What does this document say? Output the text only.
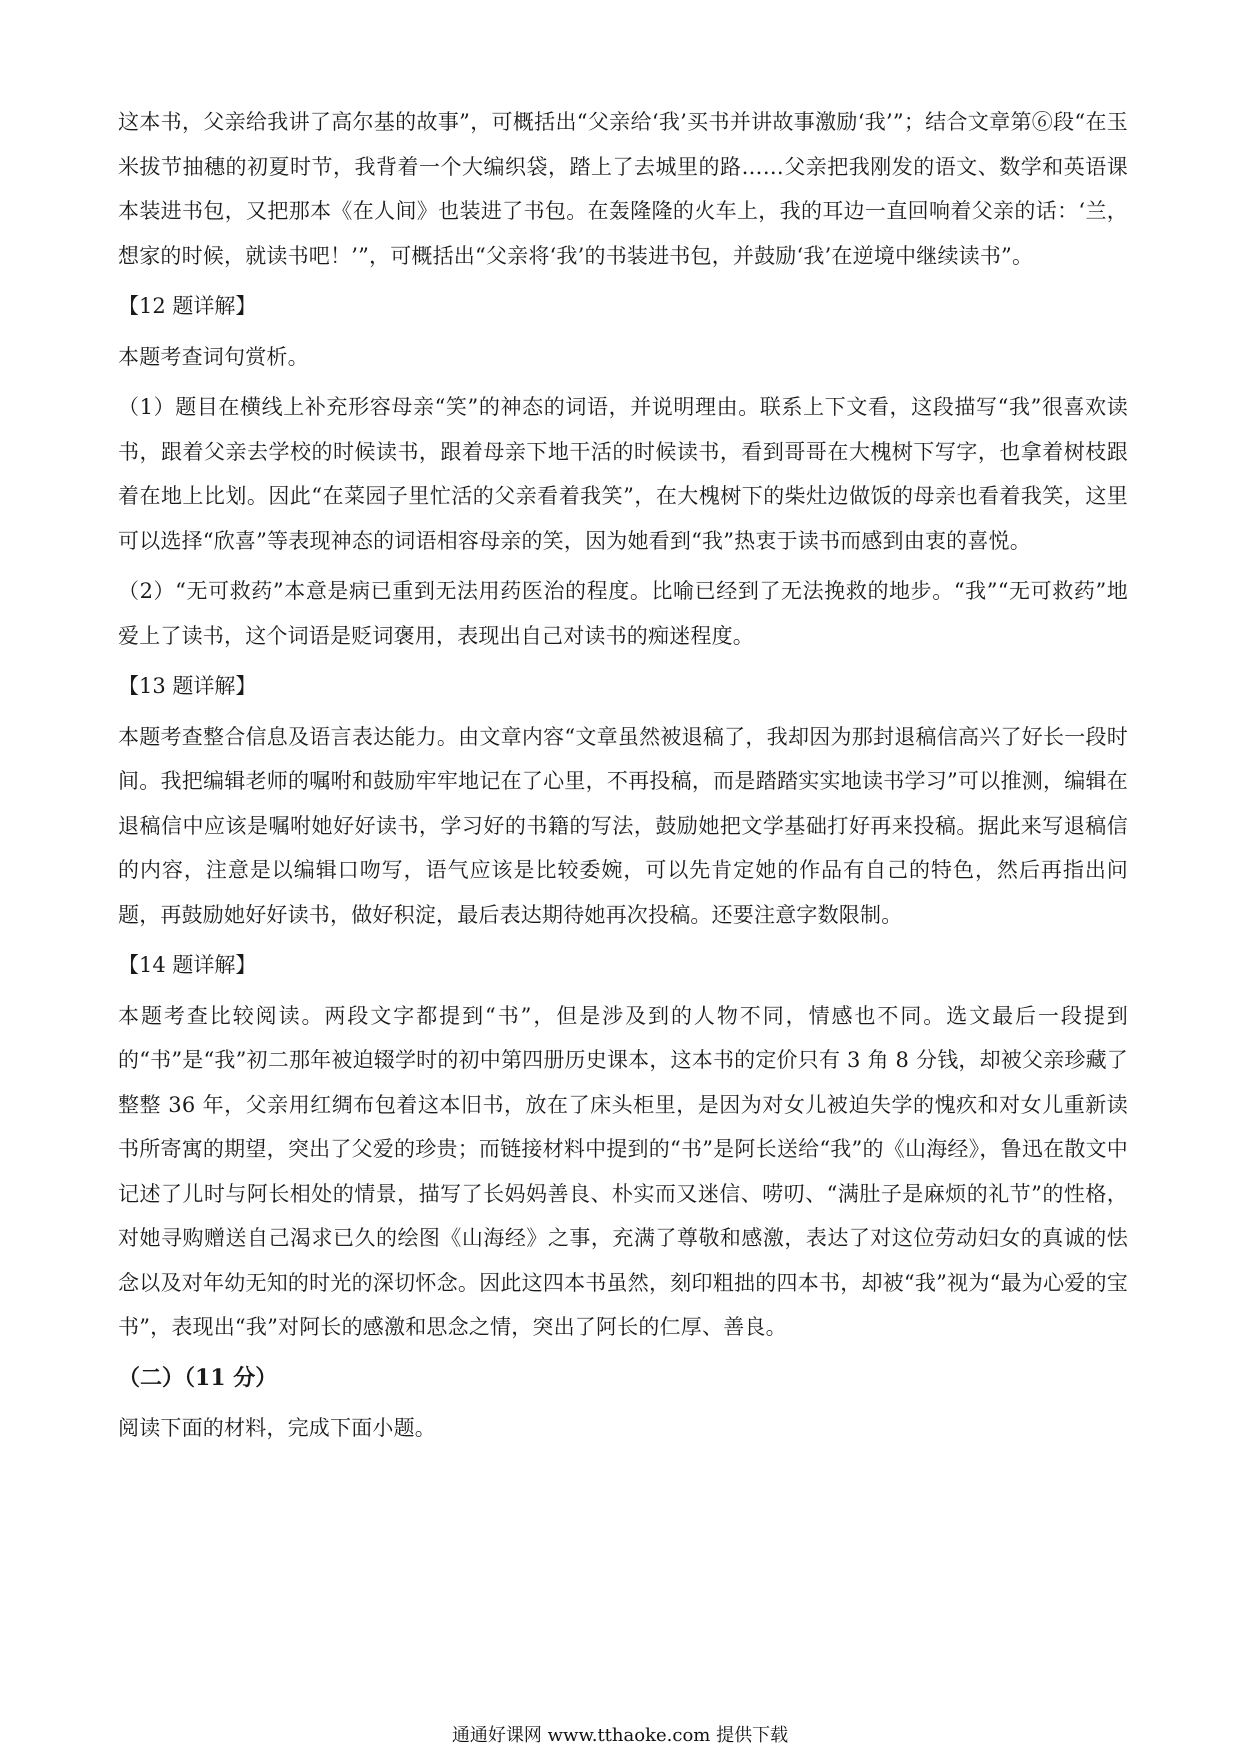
这本书，父亲给我讲了高尔基的故事”，可概括出“父亲给‘我’买书并讲故事激励‘我’”；结合文章第⑥段“在玉米拔节抽穗的初夏时节，我背着一个大编织袋，踏上了去城里的路……父亲把我刚发的语文、数学和英语课本装进书包，又把那本《在人间》也装进了书包。在轰隆隆的火车上，我的耳边一直回响着父亲的话：‘兰，想家的时候，就读书吧！’”，可概括出“父亲将‘我’的书装进书包，并鼓励‘我’在逆境中继续读书”。

【12 题详解】

本题考查词句赏析。

（1）题目在横线上补充形容母亲“笑”的神态的词语，并说明理由。联系上下文看，这段描写“我”很喜欢读书，跟着父亲去学校的时候读书，跟着母亲下地干活的时候读书，看到哥哥在大槐树下写字，也拿着树枝跟着在地上比划。因此“在菜园子里忙活的父亲看着我笑”，在大槐树下的柴灶边做饭的母亲也看着我笑，这里可以选择“欣喜”等表现神态的词语相容母亲的笑，因为她看到“我”热衷于读书而感到由衷的喜悦。

（2）“无可救药”本意是病已重到无法用药医治的程度。比喻已经到了无法挽救的地步。“我”“无可救药”地爱上了读书，这个词语是贬词褒用，表现出自己对读书的痴迷程度。

【13 题详解】

本题考查整合信息及语言表达能力。由文章内容“文章虽然被退稿了，我却因为那封退稿信高兴了好长一段时间。我把编辑老师的嘱咐和鼓励牢牢地记在了心里，不再投稿，而是踏踏实实地读书学习”可以推测，编辑在退稿信中应该是嘱咐她好好读书，学习好的书籍的写法，鼓励她把文学基础打好再来投稿。据此来写退稿信的内容，注意是以编辑口吻写，语气应该是比较委婉，可以先肯定她的作品有自己的特色，然后再指出问题，再鼓励她好好读书，做好积淀，最后表达期待她再次投稿。还要注意字数限制。

【14 题详解】

本题考查比较阅读。两段文字都提到“书”，但是涉及到的人物不同，情感也不同。选文最后一段提到的“书”是“我”初二那年被迫辍学时的初中第四册历史课本，这本书的定价只有 3 角 8 分钱，却被父亲珍藏了整整 36 年，父亲用红绸布包着这本旧书，放在了床头柜里，是因为对女儿被迫失学的愧疚和对女儿重新读书所寄寓的期望，突出了父爱的珍贵；而链接材料中提到的“书”是阿长送给“我”的《山海经》，鲁迅在散文中记述了儿时与阿长相处的情景，描写了长妈妈善良、朴实而又迷信、唠叨、“满肚子是麻烦的礼节”的性格，对她寻购赠送自己渴求已久的绘图《山海经》之事，充满了尊敬和感激，表达了对这位劳动妇女的真诚的怯念以及对年幼无知的时光的深切怀念。因此这四本书虽然，刻印粗拙的四本书，却被“我”视为“最为心爱的宝书”，表现出“我”对阿长的感激和思念之情，突出了阿长的仁厚、善良。

（二）（11 分）

阅读下面的材料，完成下面小题。

通通好课网 www.tthaoke.com 提供下载
